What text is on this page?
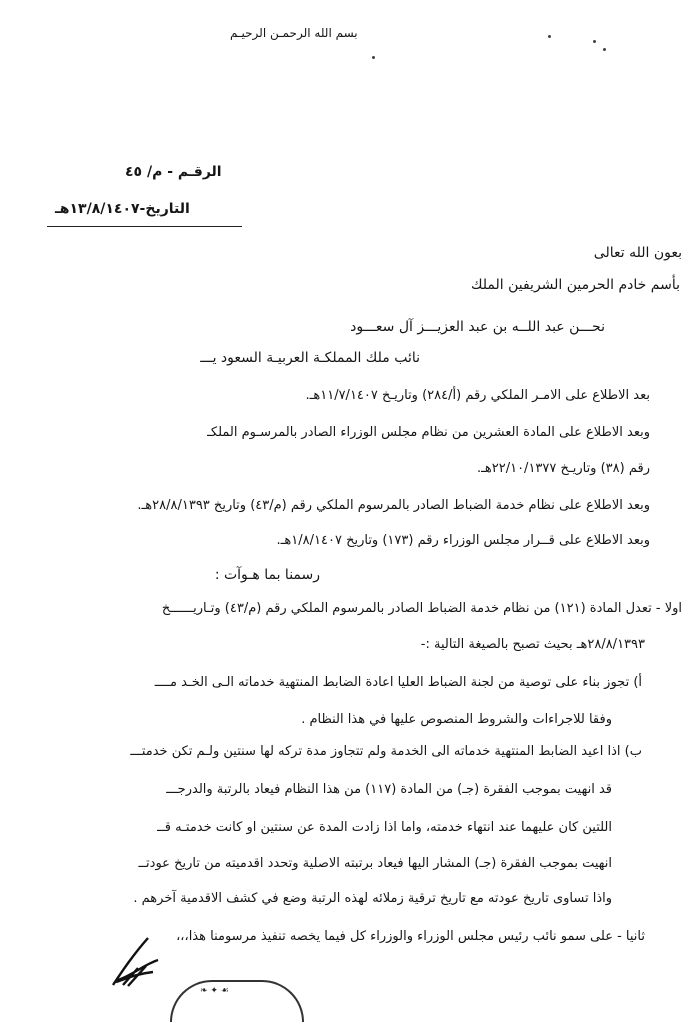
بسم الله الرحمـن الرحيـم
الرقـم - م/ ٤٥
التاريخ-١٣/٨/١٤٠٧هـ
بعون الله تعالى
بأسم خادم الحرمين الشريفين الملك
نحـــن عبد اللــه بن عبد العزيـــز آل سعـــود
نائب ملك المملكـة العربيـة السعود يـــ
بعد الاطلاع على الامـر الملكي رقم (أ/٢٨٤) وتاريـخ ١١/٧/١٤٠٧هـ.
وبعد الاطلاع على المادة العشرين من نظام مجلس الوزراء الصادر بالمرسـوم الملكـ
رقم (٣٨) وتاريـخ ٢٢/١٠/١٣٧٧هـ.
وبعد الاطلاع على نظام خدمة الضباط الصادر بالمرسوم الملكي رقم (م/٤٣) وتاريخ ٢٨/٨/١٣٩٣هـ.
وبعد الاطلاع على قــرار مجلس الوزراء رقم (١٧٣) وتاريخ ١/٨/١٤٠٧هـ.
رسمنا بما هـوآت :
اولا - تعدل المادة (١٢١) من نظام خدمة الضباط الصادر بالمرسوم الملكي رقم (م/٤٣) وتـاريــــــخ
٢٨/٨/١٣٩٣هـ بحيث تصبح بالصيغة التالية :-
أ) تجوز بناء على توصية من لجنة الضباط العليا اعادة الضابط المنتهية خدماته الـى الخـد مــــ
وفقا للاجراءات والشروط المنصوص عليها في هذا النظام .
ب) اذا اعيد الضابط المنتهية خدماته الى الخدمة ولم تتجاوز مدة تركه لها سنتين ولـم تكن خدمتـــ
قد انهيت بموجب الفقرة (جـ) من المادة (١١٧) من هذا النظام فيعاد بالرتبة والدرجـــ
اللتين كان عليهما عند انتهاء خدمته، واما اذا زادت المدة عن سنتين او كانت خدمتـه قــ
انهيت بموجب الفقرة (جـ) المشار اليها فيعاد برتبته الاصلية وتحدد اقدميته من تاريخ عودتــ
واذا تساوى تاريخ عودته مع تاريخ ترقية زملائه لهذه الرتبة وضع في كشف الاقدمية آخرهم .
ثانيا - على سمو نائب رئيس مجلس الوزراء والوزراء كل فيما يخصه تنفيذ مرسومنا هذا،،،
☙ ✦ ❧
